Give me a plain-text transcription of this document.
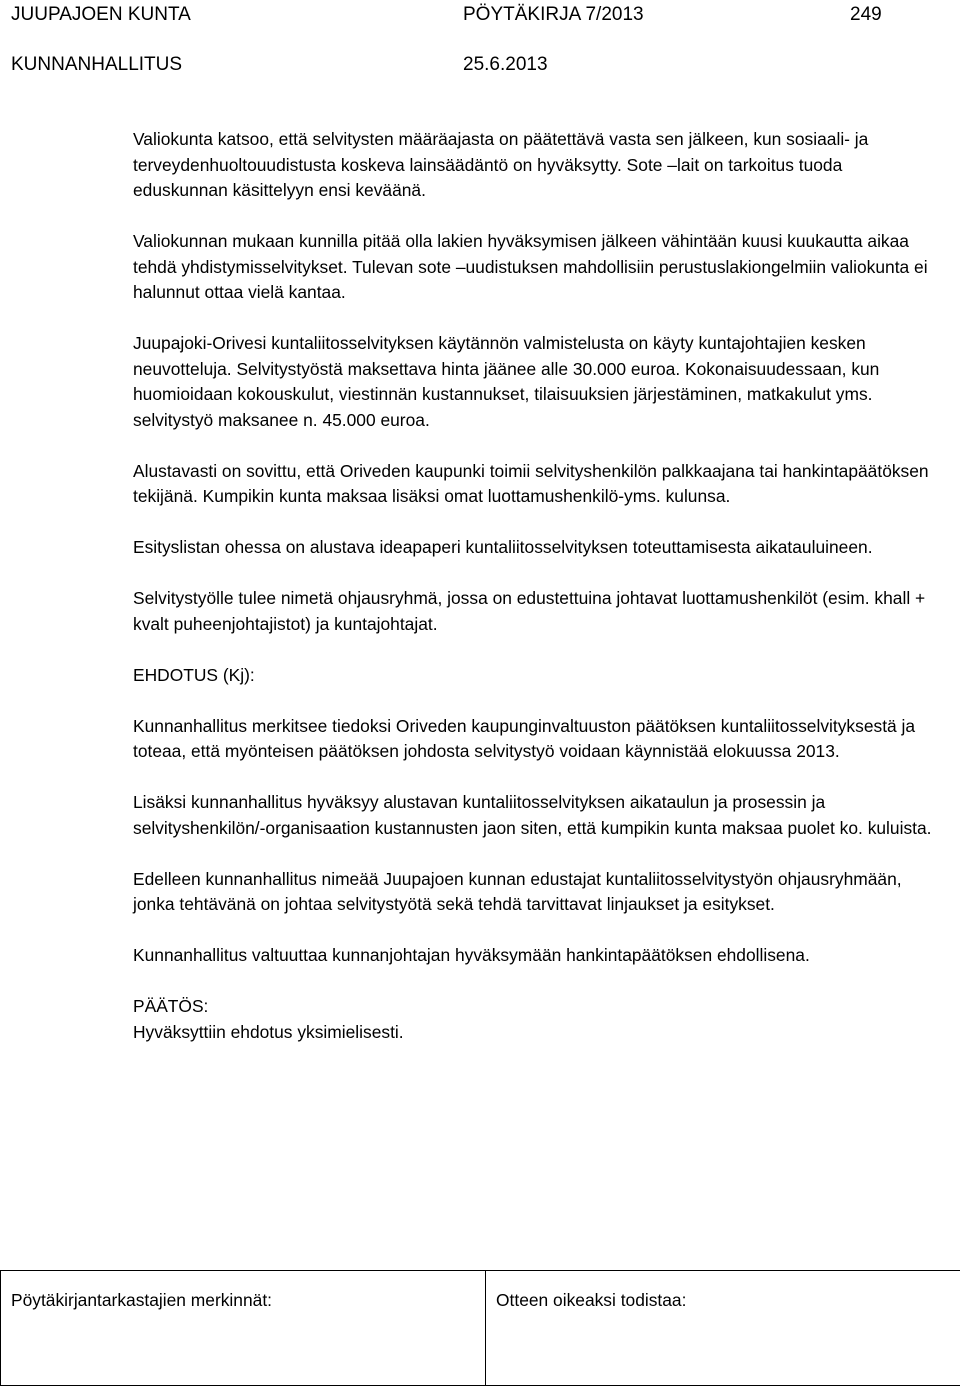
JUUPAJOEN KUNTA	PÖYTÄKIRJA 7/2013	249
KUNNANHALLITUS	25.6.2013

Valiokunta katsoo, että selvitysten määräajasta on päätettävä vasta sen jälkeen, kun sosiaali- ja terveydenhuoltouudistusta koskeva lainsäädäntö on hyväksytty. Sote –lait on tarkoitus tuoda eduskunnan käsittelyyn ensi keväänä.

Valiokunnan mukaan kunnilla pitää olla lakien hyväksymisen jälkeen vähintään kuusi kuukautta aikaa tehdä yhdistymisselvitykset. Tulevan sote –uudistuksen mahdollisiin perustuslakiongelmiin valiokunta ei halunnut ottaa vielä kantaa.

Juupajoki-Orivesi kuntaliitosselvityksen käytännön valmistelusta on käyty kuntajohtajien kesken neuvotteluja. Selvitystyöstä maksettava hinta jäänee alle 30.000 euroa. Kokonaisuudessaan, kun huomioidaan kokouskulut, viestinnän kustannukset, tilaisuuksien järjestäminen, matkakulut yms. selvitystyö maksanee n. 45.000 euroa.

Alustavasti on sovittu, että Oriveden kaupunki toimii selvityshenkilön palkkaajana tai hankintapäätöksen tekijänä. Kumpikin kunta maksaa lisäksi omat luottamushenkilö-yms. kulunsa.

Esityslistan ohessa on alustava ideapaperi kuntaliitosselvityksen toteuttamisesta aikatauluineen.

Selvitystyölle tulee nimetä ohjausryhmä, jossa on edustettuina johtavat luottamushenkilöt (esim. khall + kvalt puheenjohtajistot) ja kuntajohtajat.

EHDOTUS (Kj):

Kunnanhallitus merkitsee tiedoksi Oriveden kaupunginvaltuuston päätöksen kuntaliitosselvityksestä ja toteaa, että myönteisen päätöksen johdosta selvitystyö voidaan käynnistää elokuussa 2013.

Lisäksi kunnanhallitus hyväksyy alustavan kuntaliitosselvityksen aikataulun ja prosessin ja selvityshenkilön/-organisaation kustannusten jaon siten, että kumpikin kunta maksaa puolet ko. kuluista.

Edelleen kunnanhallitus nimeää Juupajoen kunnan edustajat kuntaliitosselvitystyön ohjausryhmään, jonka tehtävänä on johtaa selvitystyötä sekä tehdä tarvittavat linjaukset ja esitykset.

Kunnanhallitus valtuuttaa kunnanjohtajan hyväksymään hankintapäätöksen ehdollisena.

PÄÄTÖS:

Hyväksyttiin ehdotus yksimielisesti.

Pöytäkirjantarkastajien merkinnät:	Otteen oikeaksi todistaa:
